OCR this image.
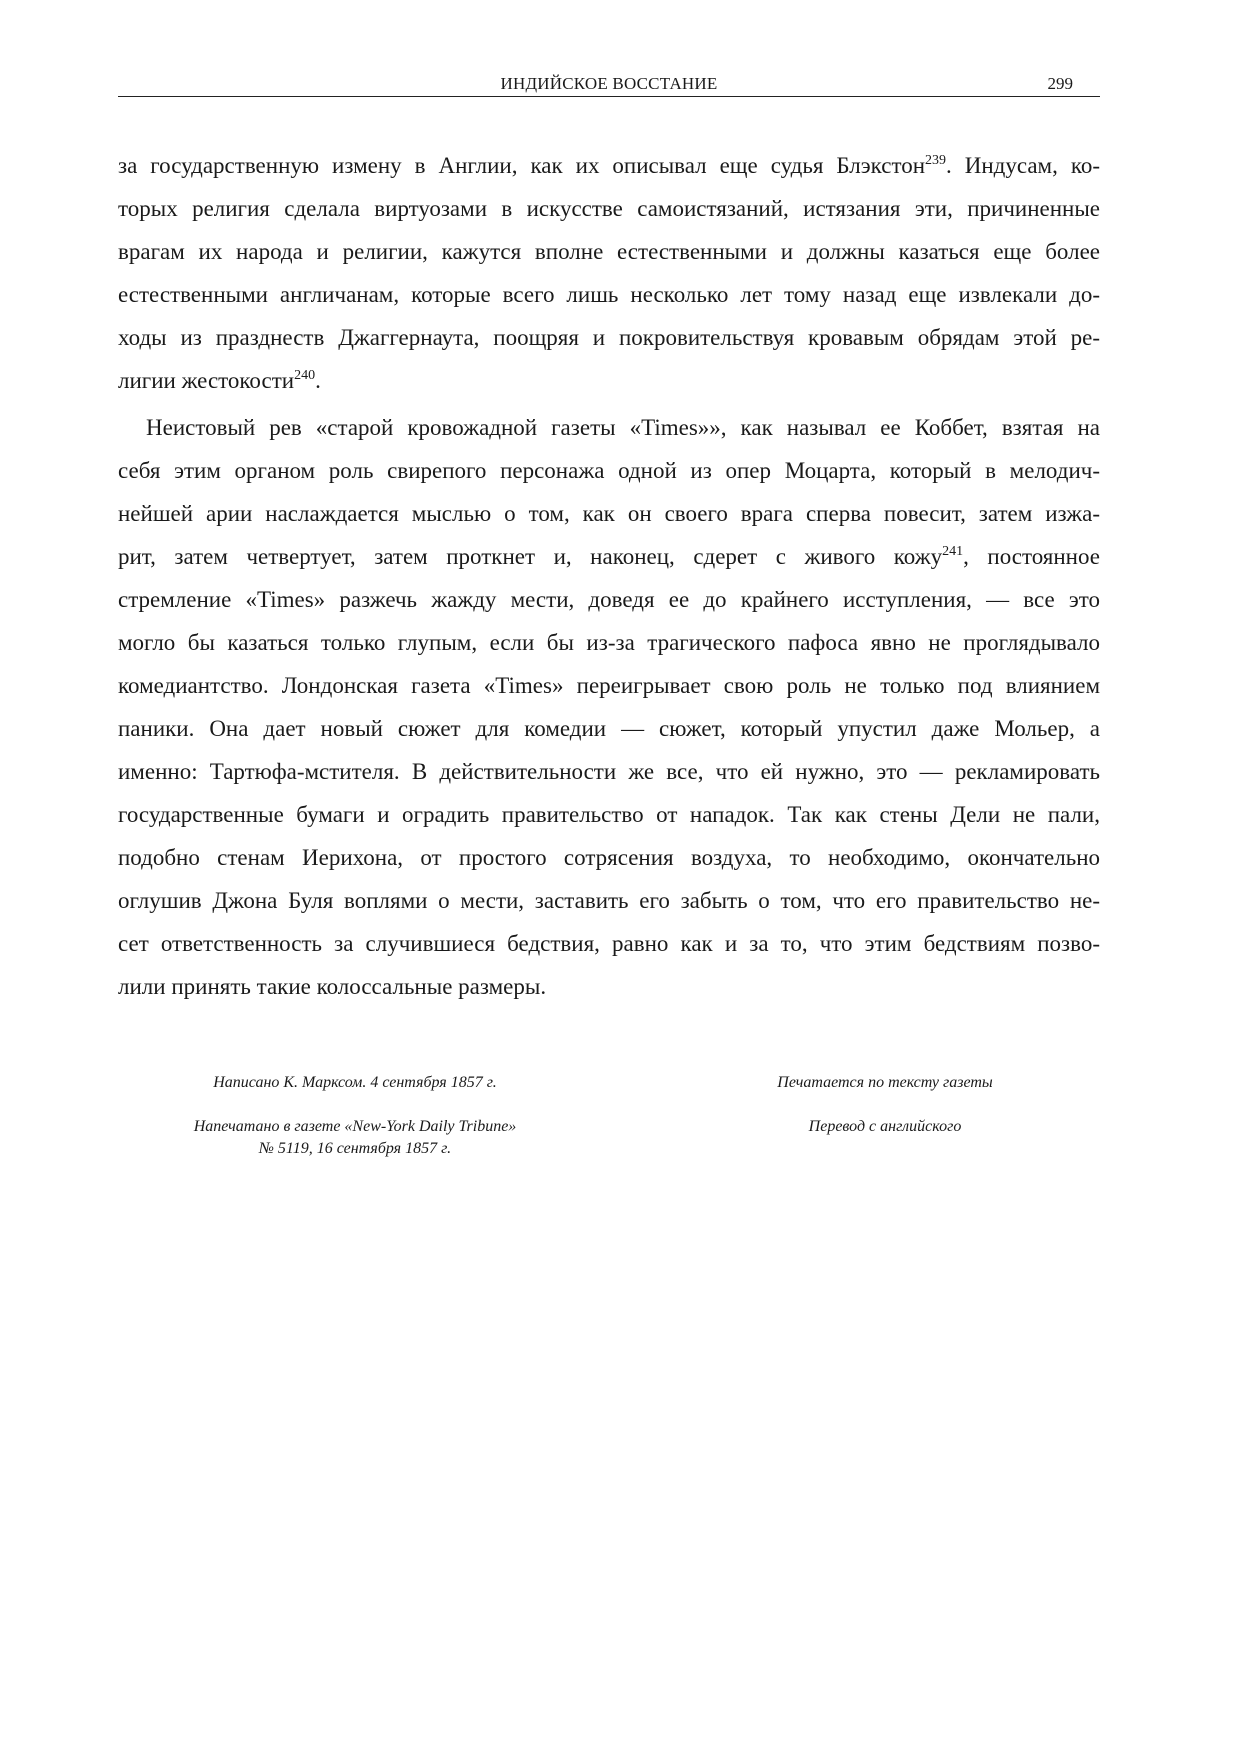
ИНДИЙСКОЕ ВОССТАНИЕ	299

за государственную измену в Англии, как их описывал еще судья Блэкстон$^{239}$. Индусам, ко-
торых религия сделала виртуозами в искусстве самоистязаний, истязания эти, причиненные
врагам их народа и религии, кажутся вполне естественными и должны казаться еще более
естественными англичанам, которые всего лишь несколько лет тому назад еще извлекали до-
ходы из празднеств Джаггернаута, поощряя и покровительствуя кровавым обрядам этой ре-
лигии жестокости$^{240}$.

Неистовый рев «старой кровожадной газеты «Times»», как называл ее Коббет, взятая на
себя этим органом роль свирепого персонажа одной из опер Моцарта, который в мелодич-
нейшей арии наслаждается мыслью о том, как он своего врага сперва повесит, затем изжа-
рит, затем четвертует, затем проткнет и, наконец, сдерет с живого кожу$^{241}$, постоянное
стремление «Times» разжечь жажду мести, доведя ее до крайнего исступления, — все это
могло бы казаться только глупым, если бы из-за трагического пафоса явно не проглядывало
комедиантство. Лондонская газета «Times» переигрывает свою роль не только под влиянием
паники. Она дает новый сюжет для комедии — сюжет, который упустил даже Мольер, а
именно: Тартюфа-мстителя. В действительности же все, что ей нужно, это — рекламировать
государственные бумаги и оградить правительство от нападок. Так как стены Дели не пали,
подобно стенам Иерихона, от простого сотрясения воздуха, то необходимо, окончательно
оглушив Джона Буля воплями о мести, заставить его забыть о том, что его правительство не-
сет ответственность за случившиеся бедствия, равно как и за то, что этим бедствиям позво-
лили принять такие колоссальные размеры.

Написано К. Марксом. 4 сентября 1857 г.
Напечатано в газете «New-York Daily Tribune»
№ 5119, 16 сентября 1857 г.
Печатается по тексту газеты
Перевод с английского
